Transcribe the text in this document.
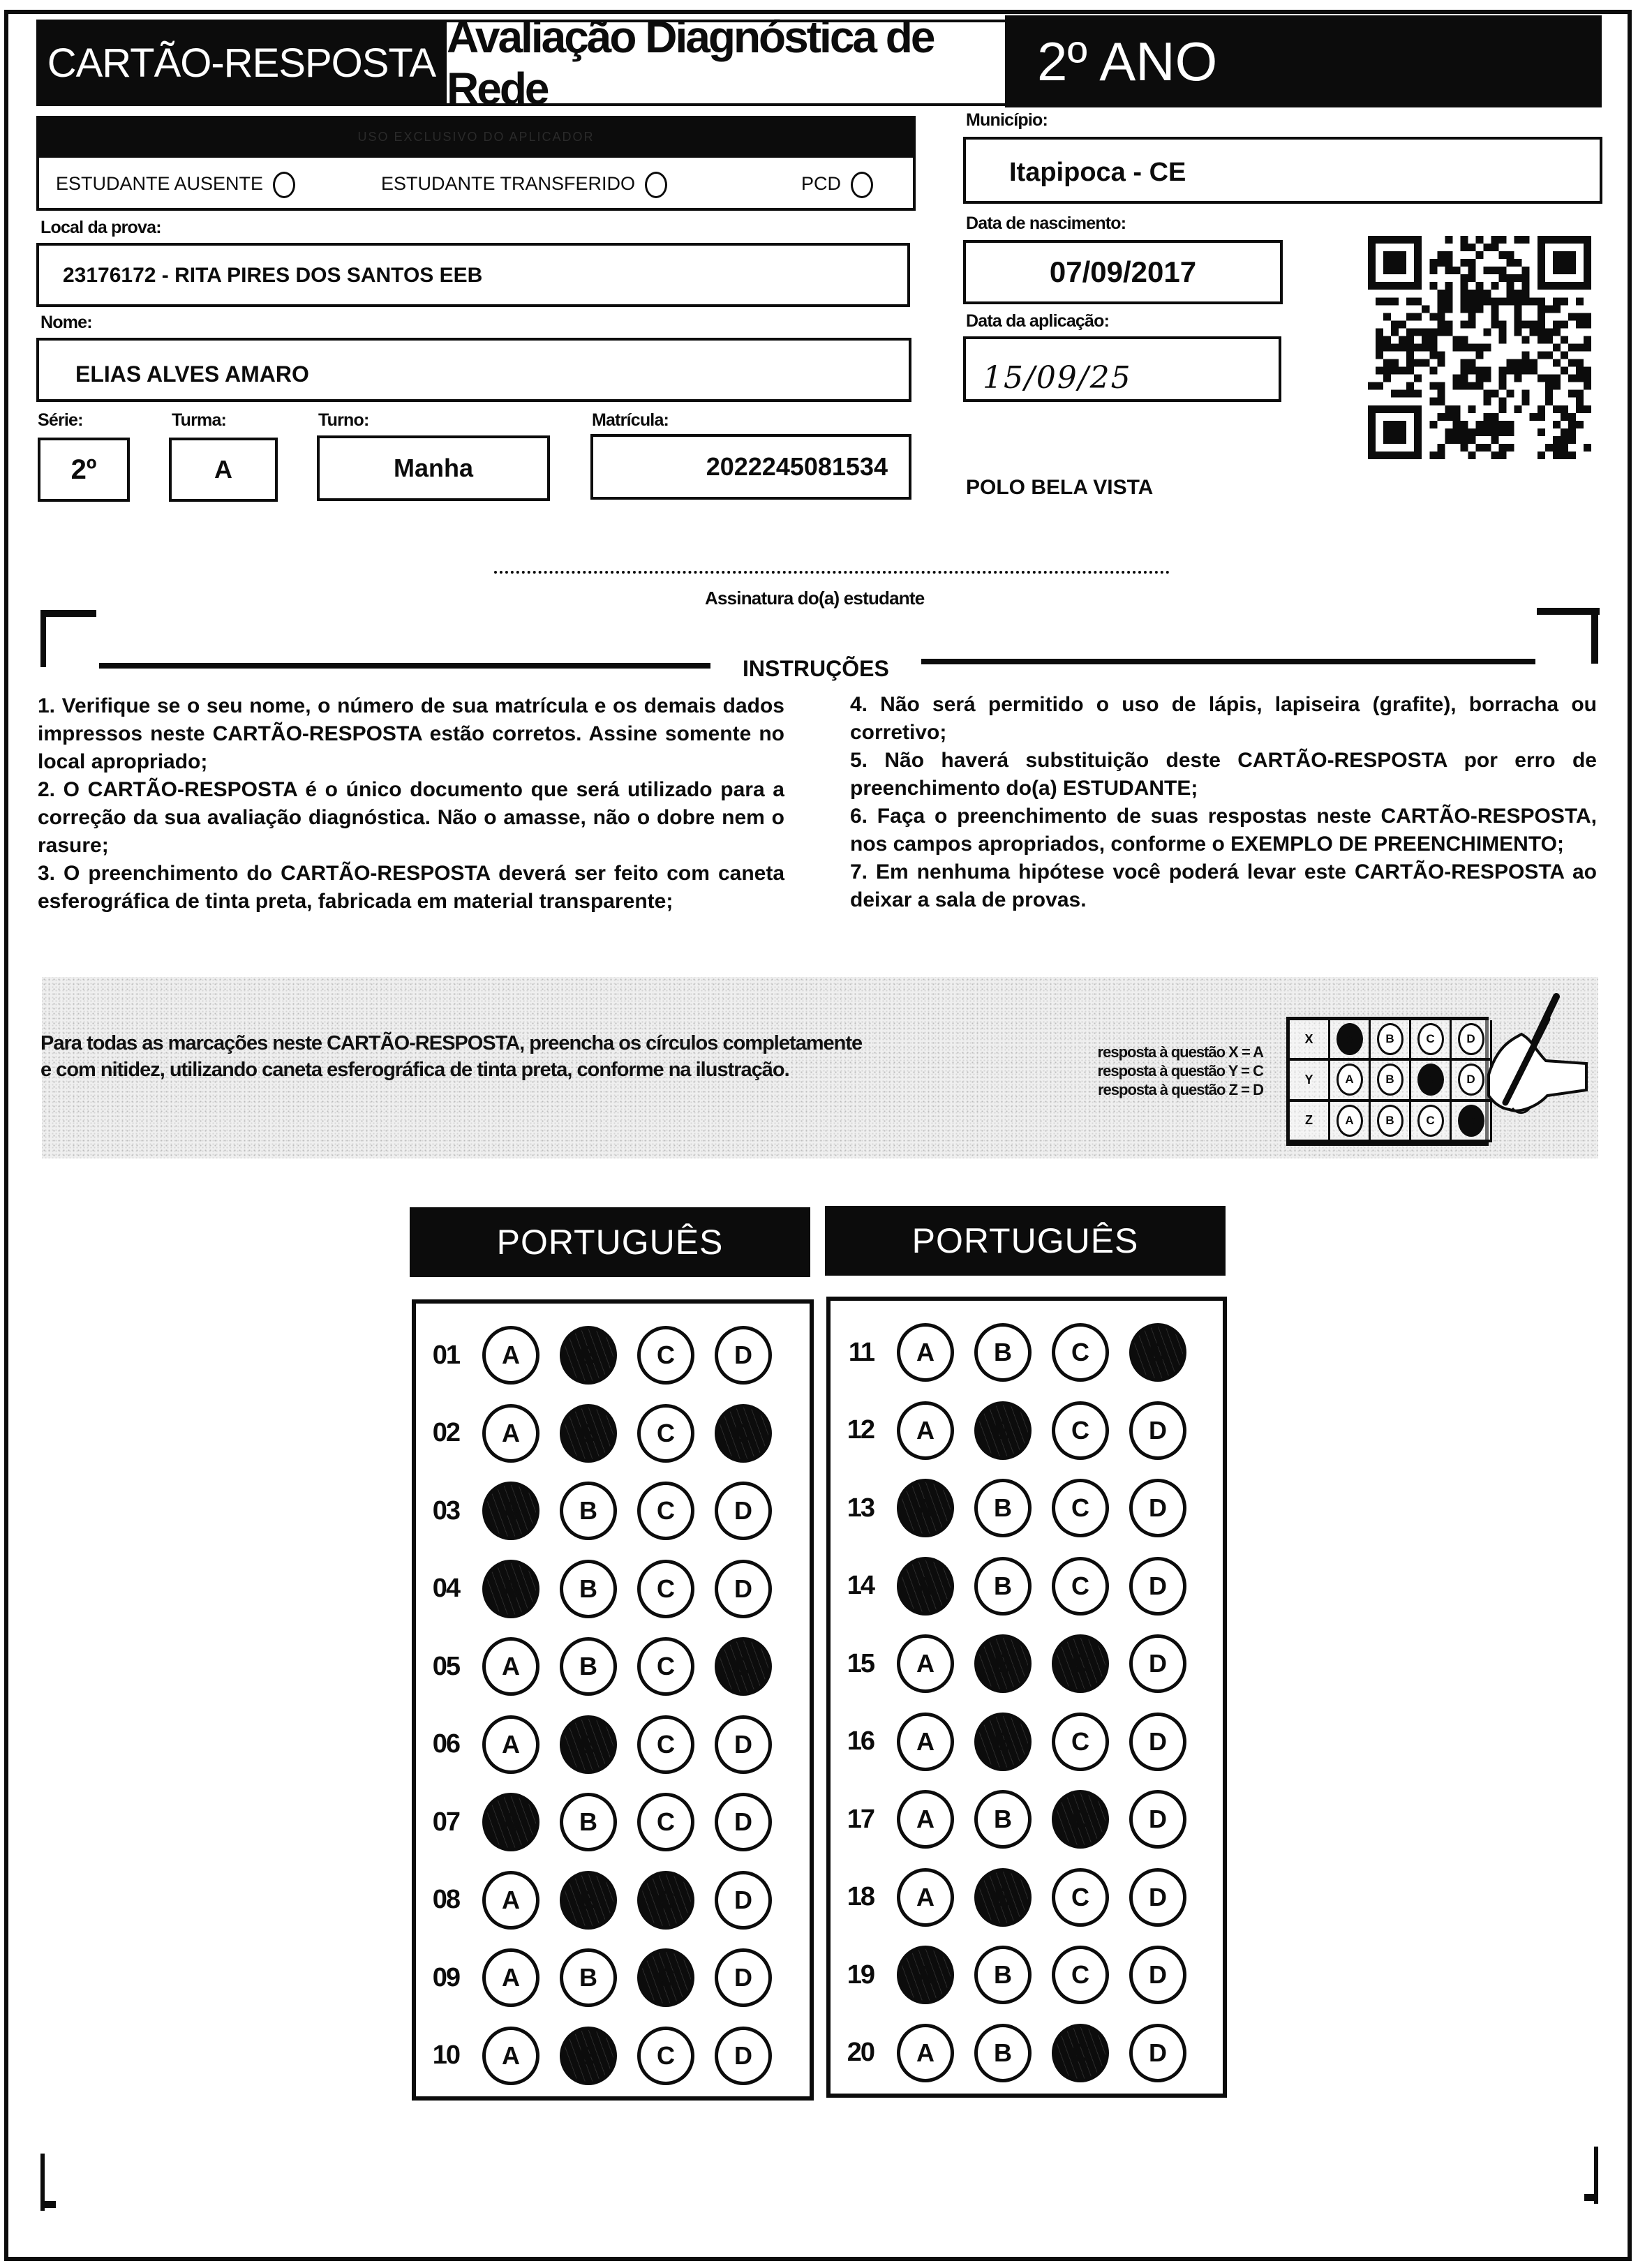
CARTÃO-RESPOSTA
Avaliação Diagnóstica de Rede	2º ANO
USO EXCLUSIVO DO APLICADOR
ESTUDANTE AUSENTE	ESTUDANTE TRANSFERIDO	PCD
Local da prova:
23176172 - RITA PIRES DOS SANTOS EEB
Nome:
ELIAS ALVES AMARO
Série:	Turma:	Turno:	Matrícula:
2º	A	Manha	2022245081534
Município:
Itapipoca - CE
Data de nascimento:
07/09/2017
Data da aplicação:
15/09/25
POLO BELA VISTA
Assinatura do(a) estudante
INSTRUÇÕES

1. Verifique se o seu nome, o número de sua matrícula e os demais dados impressos neste CARTÃO-RESPOSTA estão corretos. Assine somente no local apropriado;

2. O CARTÃO-RESPOSTA é o único documento que será utilizado para a correção da sua avaliação diagnóstica. Não o amasse, não o dobre nem o rasure;

3. O preenchimento do CARTÃO-RESPOSTA deverá ser feito com caneta esferográfica de tinta preta, fabricada em material transparente;

4. Não será permitido o uso de lápis, lapiseira (grafite), borracha ou corretivo;

5. Não haverá substituição deste CARTÃO-RESPOSTA por erro de preenchimento do(a) ESTUDANTE;

6. Faça o preenchimento de suas respostas neste CARTÃO-RESPOSTA, nos campos apropriados, conforme o EXEMPLO DE PREENCHIMENTO;

7. Em nenhuma hipótese você poderá levar este CARTÃO-RESPOSTA ao deixar a sala de provas.

Para todas as marcações neste CARTÃO-RESPOSTA, preencha os círculos completamente e com nitidez, utilizando caneta esferográfica de tinta preta, conforme na ilustração.
resposta à questão X = A
resposta à questão Y = C
resposta à questão Z = D
X	A	B	C	D
Y	A	B	C	D
Z	A	B	C	D
PORTUGUÊS	PORTUGUÊS
01	A	B	C	D
02	A	B	C	D
03	A	B	C	D
04	A	B	C	D
05	A	B	C	D
06	A	B	C	D
07	A	B	C	D
08	A	B	C	D
09	A	B	C	D
10	A	B	C	D
11	A	B	C	D
12	A	B	C	D
13	A	B	C	D
14	A	B	C	D
15	A	B	C	D
16	A	B	C	D
17	A	B	C	D
18	A	B	C	D
19	A	B	C	D
20	A	B	C	D
